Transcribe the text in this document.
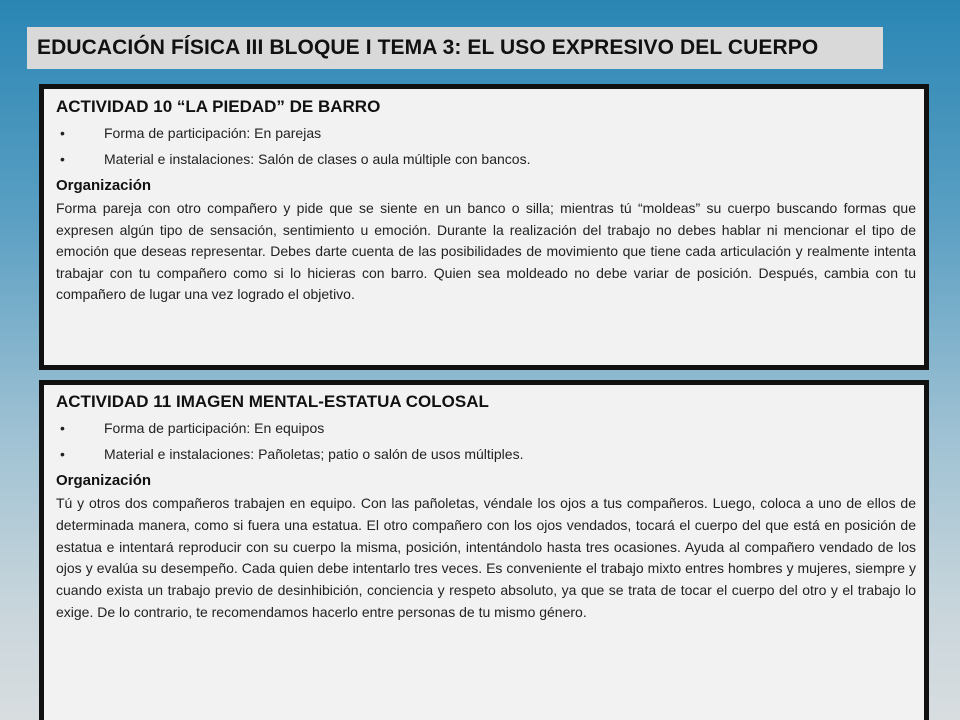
EDUCACIÓN FÍSICA III BLOQUE I TEMA 3: EL USO EXPRESIVO DEL CUERPO
ACTIVIDAD 10 “LA PIEDAD” DE BARRO
•	Forma de participación: En parejas
•	Material e instalaciones: Salón de clases o aula múltiple con bancos.
Organización

Forma pareja con otro compañero y pide que se siente en un banco o silla; mientras tú “moldeas” su cuerpo buscando formas que expresen algún tipo de sensación, sentimiento u emoción. Durante la realización del trabajo no debes hablar ni mencionar el tipo de emoción que deseas representar. Debes darte cuenta de las posibilidades de movimiento que tiene cada articulación y realmente intenta trabajar con tu compañero como si lo hicieras con barro. Quien sea moldeado no debe variar de posición. Después, cambia con tu compañero de lugar una vez logrado el objetivo.

ACTIVIDAD 11 IMAGEN MENTAL-ESTATUA COLOSAL
•	Forma de participación: En equipos
•	Material e instalaciones: Pañoletas; patio o salón de usos múltiples.
Organización

Tú y otros dos compañeros trabajen en equipo. Con las pañoletas, véndale los ojos a tus compañeros. Luego, coloca a uno de ellos de determinada manera, como si fuera una estatua. El otro compañero con los ojos vendados, tocará el cuerpo del que está en posición de estatua e intentará reproducir con su cuerpo la misma, posición, intentándolo hasta tres ocasiones. Ayuda al compañero vendado de los ojos y evalúa su desempeño. Cada quien debe intentarlo tres veces. Es conveniente el trabajo mixto entres hombres y mujeres, siempre y cuando exista un trabajo previo de desinhibición, conciencia y respeto absoluto, ya que se trata de tocar el cuerpo del otro y el trabajo lo exige. De lo contrario, te recomendamos hacerlo entre personas de tu mismo género.
